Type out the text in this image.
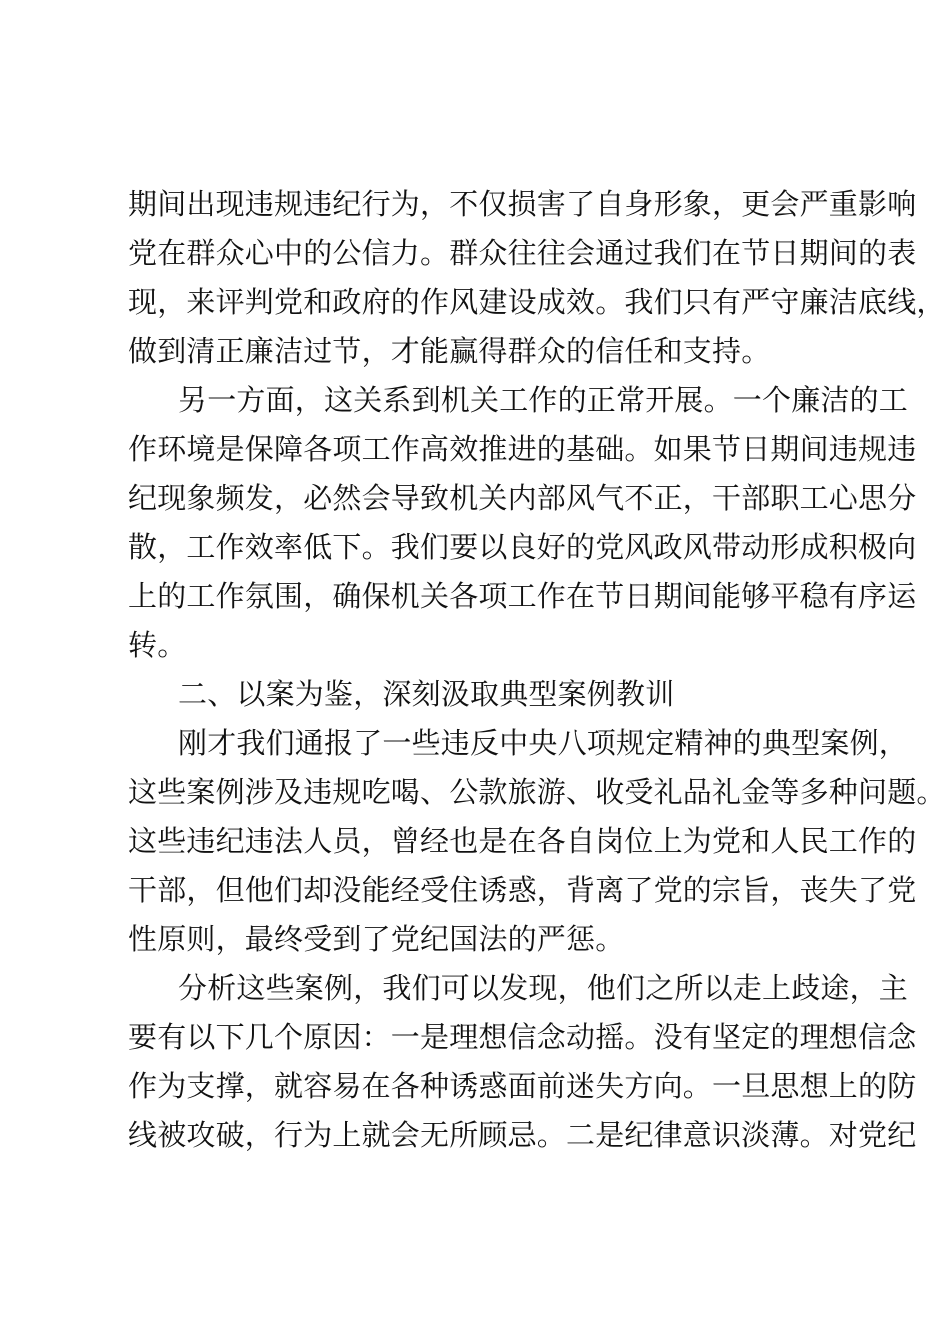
期间出现违规违纪行为，不仅损害了自身形象，更会严重影响
党在群众心中的公信力。群众往往会通过我们在节日期间的表
现，来评判党和政府的作风建设成效。我们只有严守廉洁底线，
做到清正廉洁过节，才能赢得群众的信任和支持。
另一方面，这关系到机关工作的正常开展。一个廉洁的工
作环境是保障各项工作高效推进的基础。如果节日期间违规违
纪现象频发，必然会导致机关内部风气不正，干部职工心思分
散，工作效率低下。我们要以良好的党风政风带动形成积极向
上的工作氛围，确保机关各项工作在节日期间能够平稳有序运
转。
二、以案为鉴，深刻汲取典型案例教训
刚才我们通报了一些违反中央八项规定精神的典型案例，
这些案例涉及违规吃喝、公款旅游、收受礼品礼金等多种问题。
这些违纪违法人员，曾经也是在各自岗位上为党和人民工作的
干部，但他们却没能经受住诱惑，背离了党的宗旨，丧失了党
性原则，最终受到了党纪国法的严惩。
分析这些案例，我们可以发现，他们之所以走上歧途，主
要有以下几个原因：一是理想信念动摇。没有坚定的理想信念
作为支撑，就容易在各种诱惑面前迷失方向。一旦思想上的防
线被攻破，行为上就会无所顾忌。二是纪律意识淡薄。对党纪
